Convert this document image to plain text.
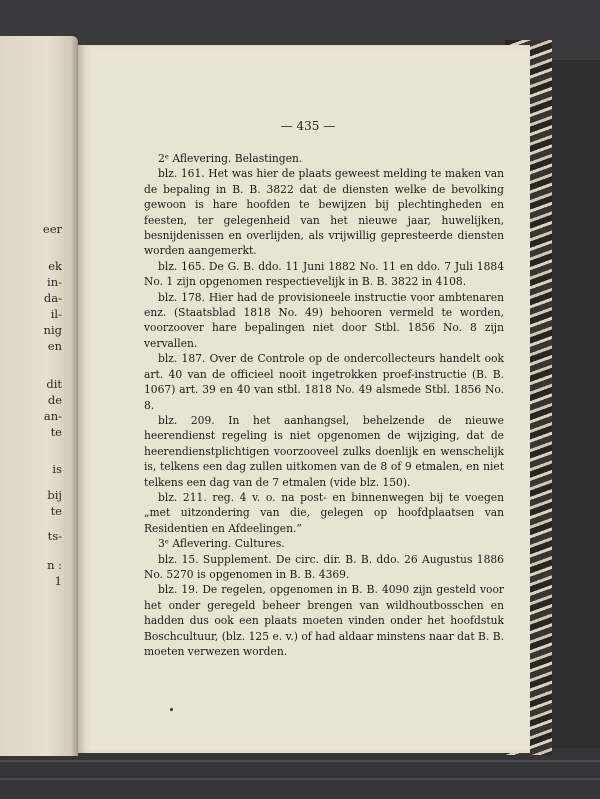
eer
ek
in-
da-
il-
nig
en
dit
de
an-
te
is
bij
te
ts-
n :
1
— 435 —

2ᵉ Aflevering. Belastingen.

blz. 161. Het was hier de plaats geweest melding te maken van de bepaling in B. B. 3822 dat de diensten welke de bevolking gewoon is hare hoofden te bewijzen bij plechtingheden en feesten, ter gelegenheid van het nieuwe jaar, huwelijken, besnijdenissen en overlijden, als vrijwillig gepresteerde diensten worden aangemerkt.

blz. 165. De G. B. ddo. 11 Juni 1882 No. 11 en ddo. 7 Juli 1884 No. 1 zijn opgenomen respectievelijk in B. B. 3822 in 4108.

blz. 178. Hier had de provisioneele instructie voor ambtenaren enz. (Staatsblad 1818 No. 49) behooren vermeld te worden, voorzoover hare bepalingen niet door Stbl. 1856 No. 8 zijn vervallen.

blz. 187. Over de Controle op de ondercollecteurs handelt ook art. 40 van de officieel nooit ingetrokken proef-instructie (B. B. 1067) art. 39 en 40 van stbl. 1818 No. 49 alsmede Stbl. 1856 No. 8.

blz. 209. In het aanhangsel, behelzende de nieuwe heerendienst regeling is niet opgenomen de wijziging, dat de heerendienstplichtigen voorzooveel zulks doenlijk en wenschelijk is, telkens een dag zullen uitkomen van de 8 of 9 etmalen, en niet telkens een dag van de 7 etmalen (vide blz. 150).

blz. 211. reg. 4 v. o. na post- en binnenwegen bij te voegen „met uitzondering van die, gelegen op hoofdplaatsen van Residentien en Afdeelingen.”

3ᵉ Aflevering. Cultures.

blz. 15. Supplement. De circ. dir. B. B. ddo. 26 Augustus 1886 No. 5270 is opgenomen in B. B. 4369.

blz. 19. De regelen, opgenomen in B. B. 4090 zijn gesteld voor het onder geregeld beheer brengen van wildhoutbosschen en hadden dus ook een plaats moeten vinden onder het hoofdstuk Boschcultuur, (blz. 125 e. v.) of had aldaar minstens naar dat B. B. moeten verwezen worden.
